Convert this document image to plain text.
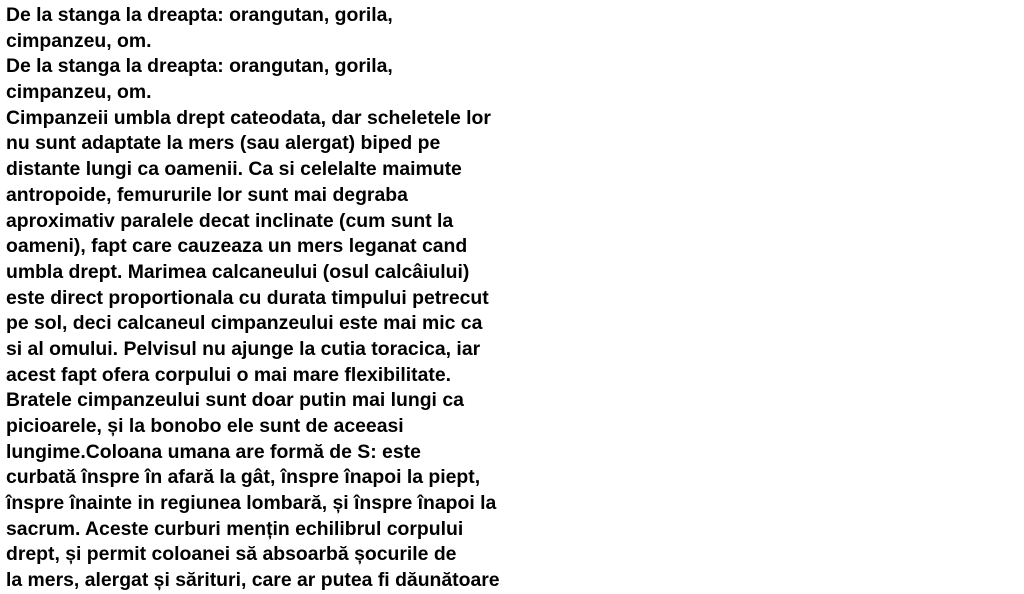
De la stanga la dreapta: orangutan, gorila,
cimpanzeu, om.
De la stanga la dreapta: orangutan, gorila,
cimpanzeu, om.
Cimpanzeii umbla drept cateodata, dar scheletele lor
nu sunt adaptate la mers (sau alergat) biped pe
distante lungi ca oamenii. Ca si celelalte maimute
antropoide, femururile lor sunt mai degraba
aproximativ paralele decat inclinate (cum sunt la
oameni), fapt care cauzeaza un mers leganat cand
umbla drept. Marimea calcaneului (osul calcâiului)
este direct proportionala cu durata timpului petrecut
pe sol, deci calcaneul cimpanzeului este mai mic ca
si al omului. Pelvisul nu ajunge la cutia toracica, iar
acest fapt ofera corpului o mai mare flexibilitate.
Bratele cimpanzeului sunt doar putin mai lungi ca
picioarele, și la bonobo ele sunt de aceeasi
lungime.Coloana umana are formă de S: este
curbată înspre în afară la gât, înspre înapoi la piept,
înspre înainte in regiunea lombară, și înspre înapoi la
sacrum. Aceste curburi mențin echilibrul corpului
drept, și permit coloanei să absoarbă șocurile de
la mers, alergat și sărituri, care ar putea fi dăunătoare
